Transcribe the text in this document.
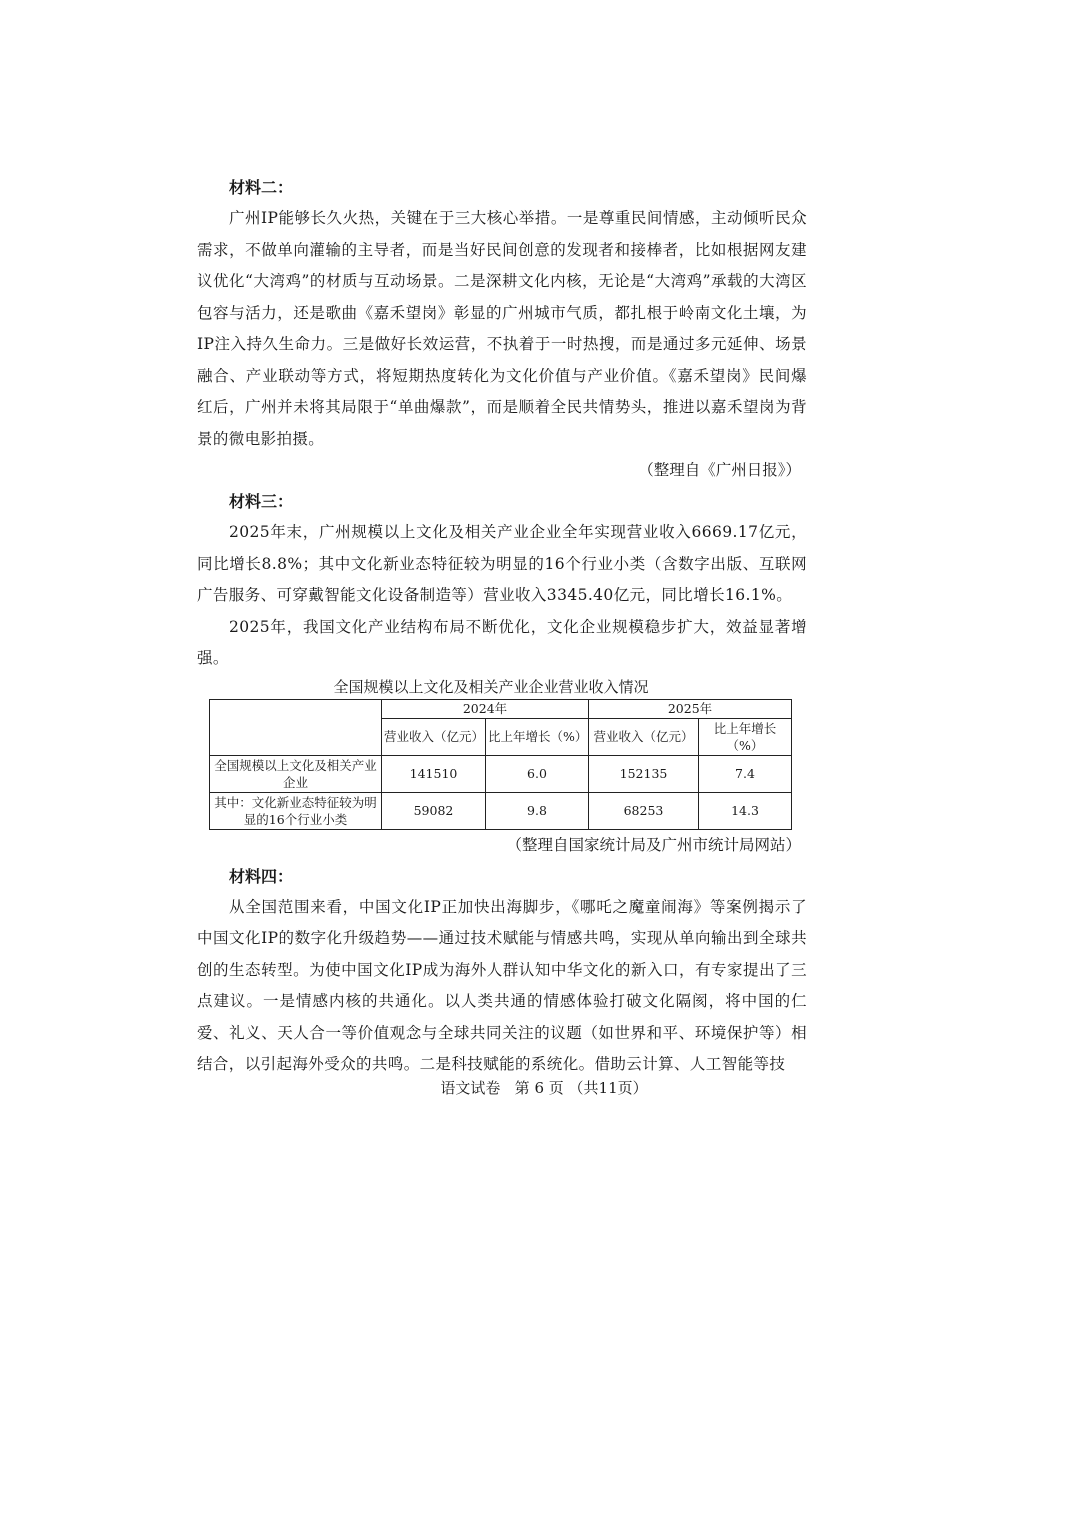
材料二：

广州IP能够长久火热，关键在于三大核心举措。一是尊重民间情感，主动倾听民众需求，不做单向灌输的主导者，而是当好民间创意的发现者和接棒者，比如根据网友建议优化“大湾鸡”的材质与互动场景。二是深耕文化内核，无论是“大湾鸡”承载的大湾区包容与活力，还是歌曲《嘉禾望岗》彰显的广州城市气质，都扎根于岭南文化土壤，为IP注入持久生命力。三是做好长效运营，不执着于一时热搜，而是通过多元延伸、场景融合、产业联动等方式，将短期热度转化为文化价值与产业价值。《嘉禾望岗》民间爆红后，广州并未将其局限于“单曲爆款”，而是顺着全民共情势头，推进以嘉禾望岗为背景的微电影拍摄。

（整理自《广州日报》）

材料三：

2025年末，广州规模以上文化及相关产业企业全年实现营业收入6669.17亿元，同比增长8.8%；其中文化新业态特征较为明显的16个行业小类（含数字出版、互联网广告服务、可穿戴智能文化设备制造等）营业收入3345.40亿元，同比增长16.1%。

2025年，我国文化产业结构布局不断优化，文化企业规模稳步扩大，效益显著增强。

全国规模以上文化及相关产业企业营业收入情况

	2024年		2025年	
	营业收入（亿元）	比上年增长（%）	营业收入（亿元）	比上年增长（%）
全国规模以上文化及相关产业企业	141510	6.0	152135	7.4
其中：文化新业态特征较为明显的16个行业小类	59082	9.8	68253	14.3

（整理自国家统计局及广州市统计局网站）

材料四：

从全国范围来看，中国文化IP正加快出海脚步，《哪吒之魔童闹海》等案例揭示了中国文化IP的数字化升级趋势——通过技术赋能与情感共鸣，实现从单向输出到全球共创的生态转型。为使中国文化IP成为海外人群认知中华文化的新入口，有专家提出了三点建议。一是情感内核的共通化。以人类共通的情感体验打破文化隔阂，将中国的仁爱、礼义、天人合一等价值观念与全球共同关注的议题（如世界和平、环境保护等）相结合，以引起海外受众的共鸣。二是科技赋能的系统化。借助云计算、人工智能等技

语文试卷 第 6 页 （共11页）
